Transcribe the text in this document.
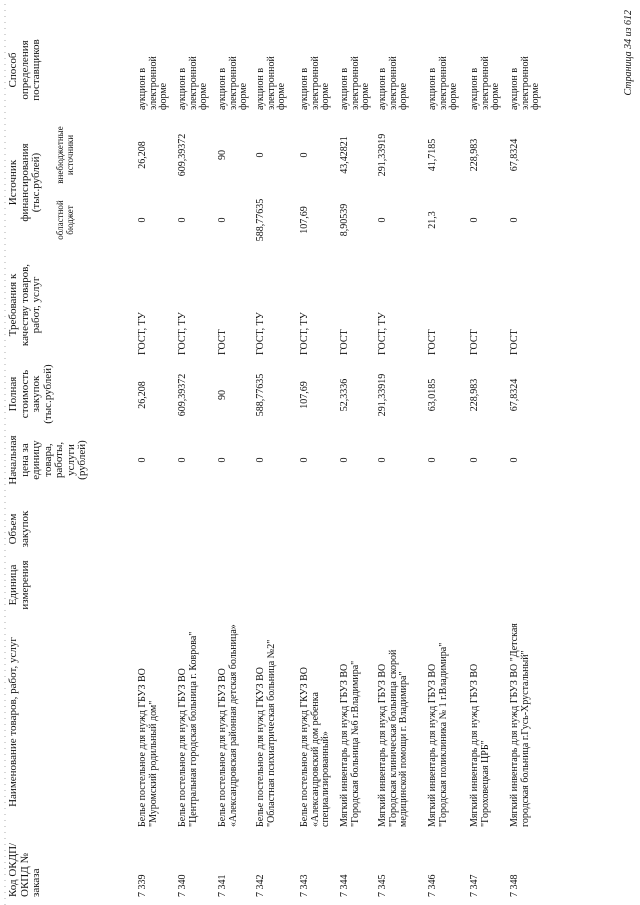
Код ОКДП/ ОКПД № заказа
Наименование товаров, работ, услуг
Единица измерения
Объем закупок
Начальная цена за единицу товара, работы, услуги (рублей)
Полная стоимость закупок (тыс.рублей)
Требования к качеству товаров, работ, услуг
Источник финансирования (тыс.рублей)
областной бюджет
внебюджетные источники
Способ определения поставщиков
7 339
Белье постельное для нужд ГБУЗ ВО "Муромский родильный дом"
0
26,208
ГОСТ, ТУ
0
26,208
аукцион в электронной форме
7 340
Белье постельное для нужд ГБУЗ ВО "Центральная городская больница г. Коврова"
0
609,39372
ГОСТ, ТУ
0
609,39372
аукцион в электронной форме
7 341
Белье постельное для нужд ГБУЗ ВО «Александровская районная детская больница»
0
90
ГОСТ
0
90
аукцион в электронной форме
7 342
Белье постельное для нужд ГКУЗ ВО "Областная психиатрическая больница №2"
0
588,77635
ГОСТ, ТУ
588,77635
0
аукцион в электронной форме
7 343
Белье постельное для нужд ГКУЗ ВО «Александровский дом ребенка специализированный»
0
107,69
ГОСТ, ТУ
107,69
0
аукцион в электронной форме
7 344
Мягкий инвентарь для нужд ГБУЗ ВО "Городская больница №6 г.Владимира"
0
52,3336
ГОСТ
8,90539
43,42821
аукцион в электронной форме
7 345
Мягкий инвентарь для нужд ГБУЗ ВО "Городская клиническая больница скорой медицинской помощи г. Владимира"
0
291,33919
ГОСТ, ТУ
0
291,33919
аукцион в электронной форме
7 346
Мягкий инвентарь для нужд ГБУЗ ВО "Городская поликлиника № 1 г.Владимира"
0
63,0185
ГОСТ
21,3
41,7185
аукцион в электронной форме
7 347
Мягкий инвентарь для нужд ГБУЗ ВО "Гороховецкая ЦРБ"
0
228,983
ГОСТ
0
228,983
аукцион в электронной форме
7 348
Мягкий инвентарь для нужд ГБУЗ ВО "Детская городская больница г.Гусь-Хрустальный"
0
67,8324
ГОСТ
0
67,8324
аукцион в электронной форме
Страница 34 из 612
